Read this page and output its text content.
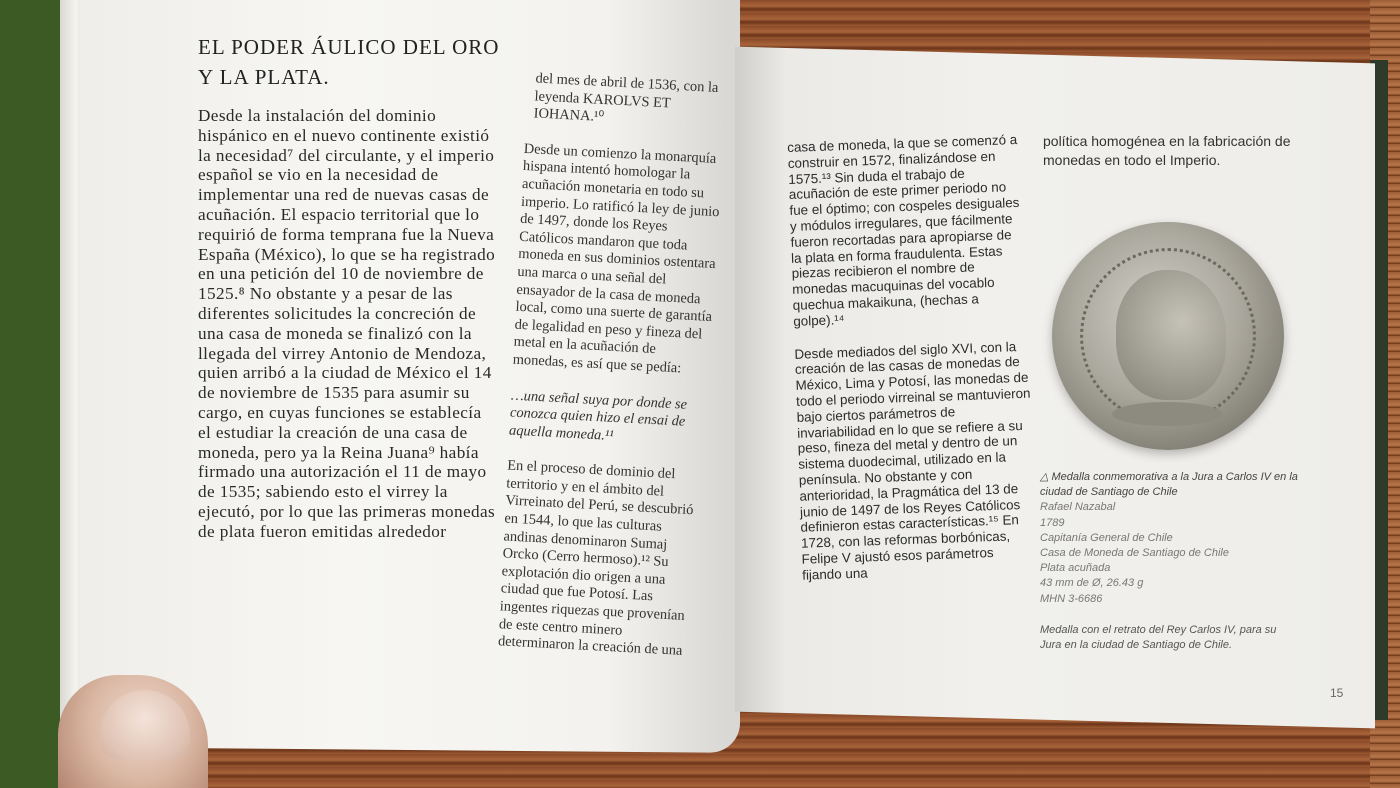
EL PODER ÁULICO DEL ORO Y LA PLATA.
Desde la instalación del dominio hispánico en el nuevo continente existió la necesidad⁷ del circulante, y el imperio español se vio en la necesidad de implementar una red de nuevas casas de acuñación. El espacio territorial que lo requirió de forma temprana fue la Nueva España (México), lo que se ha registrado en una petición del 10 de noviembre de 1525.⁸ No obstante y a pesar de las diferentes solicitudes la concreción de una casa de moneda se finalizó con la llegada del virrey Antonio de Mendoza, quien arribó a la ciudad de México el 14 de noviembre de 1535 para asumir su cargo, en cuyas funciones se establecía el estudiar la creación de una casa de moneda, pero ya la Reina Juana⁹ había firmado una autorización el 11 de mayo de 1535; sabiendo esto el virrey la ejecutó, por lo que las primeras monedas de plata fueron emitidas alrededor
del mes de abril de 1536, con la leyenda KAROLVS ET IOHANA.¹⁰
Desde un comienzo la monarquía hispana intentó homologar la acuñación monetaria en todo su imperio. Lo ratificó la ley de junio de 1497, donde los Reyes Católicos mandaron que toda moneda en sus dominios ostentara una marca o una señal del ensayador de la casa de moneda local, como una suerte de garantía de legalidad en peso y fineza del metal en la acuñación de monedas, es así que se pedía:
…una señal suya por donde se conozca quien hizo el ensai de aquella moneda.¹¹
En el proceso de dominio del territorio y en el ámbito del Virreinato del Perú, se descubrió en 1544, lo que las culturas andinas denominaron Sumaj Orcko (Cerro hermoso).¹² Su explotación dio origen a una ciudad que fue Potosí. Las ingentes riquezas que provenían de este centro minero determinaron la creación de una
casa de moneda, la que se comenzó a construir en 1572, finalizándose en 1575.¹³ Sin duda el trabajo de acuñación de este primer periodo no fue el óptimo; con cospeles desiguales y módulos irregulares, que fácilmente fueron recortadas para apropiarse de la plata en forma fraudulenta. Estas piezas recibieron el nombre de monedas macuquinas del vocablo quechua makaikuna, (hechas a golpe).¹⁴
Desde mediados del siglo XVI, con la creación de las casas de monedas de México, Lima y Potosí, las monedas de todo el periodo virreinal se mantuvieron bajo ciertos parámetros de invariabilidad en lo que se refiere a su peso, fineza del metal y dentro de un sistema duodecimal, utilizado en la península. No obstante y con anterioridad, la Pragmática del 13 de junio de 1497 de los Reyes Católicos definieron estas características.¹⁵ En 1728, con las reformas borbónicas, Felipe V ajustó esos parámetros fijando una
política homogénea en la fabricación de monedas en todo el Imperio.
△ Medalla conmemorativa a la Jura a Carlos IV en la ciudad de Santiago de Chile
Rafael Nazabal
1789
Capitanía General de Chile
Casa de Moneda de Santiago de Chile
Plata acuñada
43 mm de Ø, 26.43 g
MHN 3-6686
Medalla con el retrato del Rey Carlos IV, para su Jura en la ciudad de Santiago de Chile.
15
